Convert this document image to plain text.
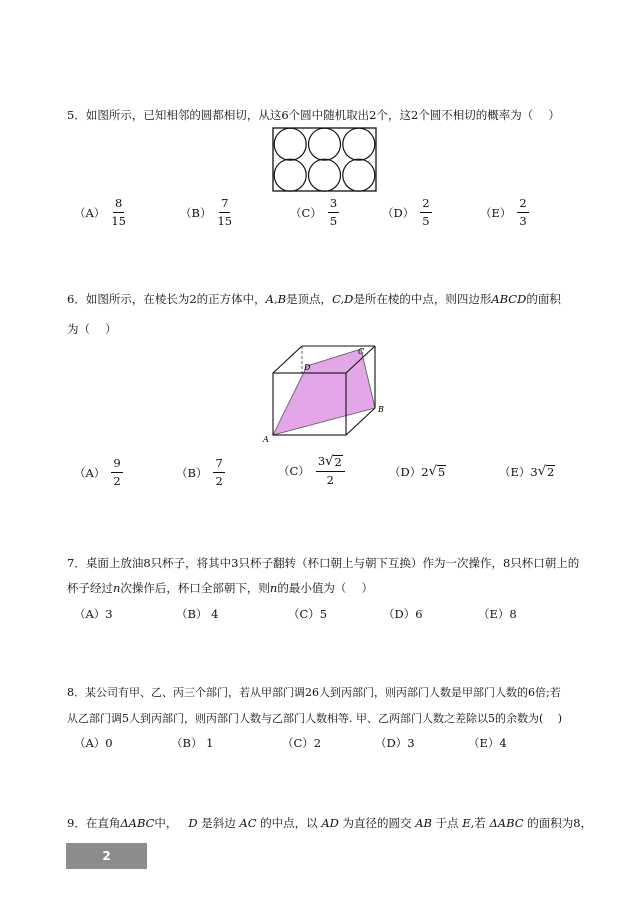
5．如图所示，已知相邻的圆都相切，从这6个圆中随机取出2个，这2个圆不相切的概率为（　 ）
$(A) \frac{8}{15}$	$(B) \frac{7}{15}$	$(C) \frac{3}{5}$	$(D) \frac{2}{5}$	$(E) \frac{2}{3}$
6．如图所示，在棱长为2的正方体中，A,B是顶点，C,D是所在棱的中点，则四边形ABCD的面积
为（　 ）
A
B
C
D
$(A) \frac{9}{2}$	$(B) \frac{7}{2}$	$(C) \frac{3 √ 2}{2}$	（D） 2 √ 5	（E） 3 √ 2
7．桌面上放油8只杯子，将其中3只杯子翻转（杯口朝上与朝下互换）作为一次操作，8只杯口朝上的
杯子经过n次操作后，杯口全部朝下，则n的最小值为（　 ）
（A）3	（B） 4	（C）5	（D）6	（E）8
8．某公司有甲、乙、丙三个部门，若从甲部门调26人到丙部门，则丙部门人数是甲部门人数的6倍;若
从乙部门调5人到丙部门，则丙部门人数与乙部门人数相等. 甲、乙两部门人数之差除以5的余数为(　 )
（A）0	（B） 1	（C）2	（D）3	（E）4
9．在直角ΔABC中， D 是斜边 AC 的中点，以 AD 为直径的圆交 AB 于点 E,若 ΔABC 的面积为8，
2
